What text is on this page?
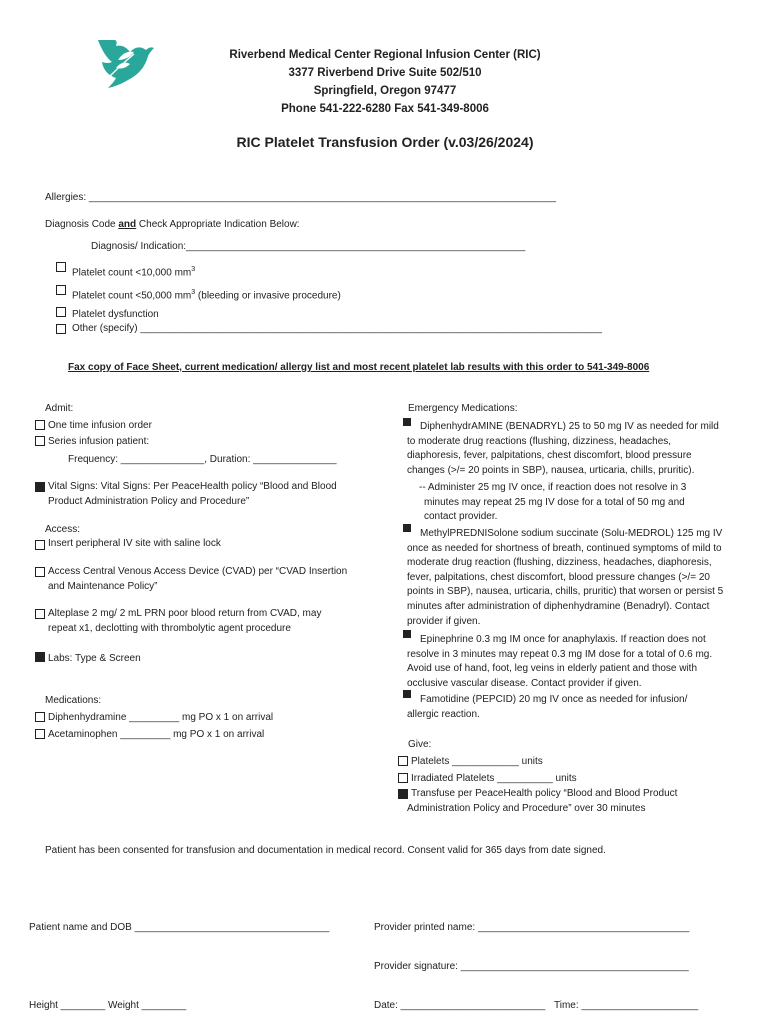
Riverbend Medical Center Regional Infusion Center (RIC)
3377 Riverbend Drive Suite 502/510
Springfield, Oregon 97477
Phone 541-222-6280 Fax 541-349-8006
RIC Platelet Transfusion Order (v.03/26/2024)
Allergies: ____________________________________________________________________________________
Diagnosis Code and Check Appropriate Indication Below:
Diagnosis/ Indication:_____________________________________________________________
Platelet count <10,000 $mm^3$
Platelet count <50,000 $mm^3$ (bleeding or invasive procedure)
Platelet dysfunction
Other (specify) ___________________________________________________________________________________
Fax copy of Face Sheet, current medication/ allergy list and most recent platelet lab results with this order to 541-349-8006
Admit:
One time infusion order
Series infusion patient:
Frequency: _______________, Duration: _______________
Vital Signs: Vital Signs: Per PeaceHealth policy “Blood and Blood Product Administration Policy and Procedure”
Access:
Insert peripheral IV site with saline lock
Access Central Venous Access Device (CVAD) per “CVAD Insertion and Maintenance Policy”
Alteplase 2 mg/ 2 mL PRN poor blood return from CVAD, may repeat x1, declotting with thrombolytic agent procedure
Labs: Type & Screen
Medications:
Diphenhydramine _________ mg PO x 1 on arrival
Acetaminophen _________ mg PO x 1 on arrival
Emergency Medications:
DiphenhydrAMINE (BENADRYL) 25 to 50 mg IV as needed for mild to moderate drug reactions (flushing, dizziness, headaches, diaphoresis, fever, palpitations, chest discomfort, blood pressure changes (>/= 20 points in SBP), nausea, urticaria, chills, pruritic).
-- Administer 25 mg IV once, if reaction does not resolve in 3 minutes may repeat 25 mg IV dose for a total of 50 mg and contact provider.
MethylPREDNISolone sodium succinate (Solu-MEDROL) 125 mg IV once as needed for shortness of breath, continued symptoms of mild to moderate drug reaction (flushing, dizziness, headaches, diaphoresis, fever, palpitations, chest discomfort, blood pressure changes (>/= 20 points in SBP), nausea, urticaria, chills, pruritic) that worsen or persist 5 minutes after administration of diphenhydramine (Benadryl). Contact provider if given.
Epinephrine 0.3 mg IM once for anaphylaxis. If reaction does not resolve in 3 minutes may repeat 0.3 mg IM dose for a total of 0.6 mg. Avoid use of hand, foot, leg veins in elderly patient and those with occlusive vascular disease. Contact provider if given.
Famotidine (PEPCID) 20 mg IV once as needed for infusion/ allergic reaction.
Give:
Platelets ____________ units
Irradiated Platelets __________ units
Transfuse per PeaceHealth policy “Blood and Blood Product Administration Policy and Procedure” over 30 minutes
Patient has been consented for transfusion and documentation in medical record. Consent valid for 365 days from date signed.
Patient name and DOB ___________________________________	Provider printed name: ______________________________________
Provider signature: _________________________________________
Height ________ Weight ________	Date: __________________________ Time: _____________________
